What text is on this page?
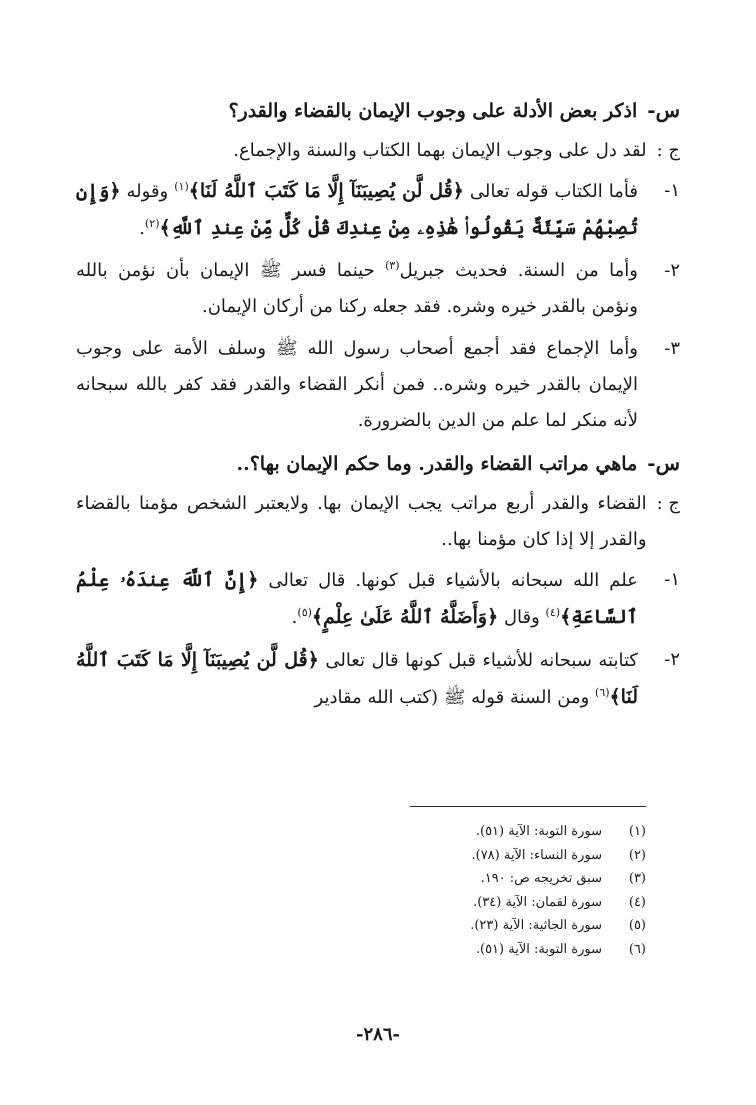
س-
اذكر بعض الأدلة على وجوب الإيمان بالقضاء والقدر؟
ج :
لقد دل على وجوب الإيمان بهما الكتاب والسنة والإجماع.
١-
فأما الكتاب قوله تعالى ﴿قُل لَّن يُصِيبَنَآ إِلَّا مَا كَتَبَ ٱللَّهُ لَنَا﴾$^{(١)}$ وقوله ﴿وَإِن تُصِبْهُمْ سَيِّئَةٌ يَقُولُوا۟ هَٰذِهِۦ مِنْ عِندِكَ قُلْ كُلٌّ مِّنْ عِندِ ٱللَّهِ﴾$^{(٢)}$.
٢-
وأما من السنة. فحديث جبريل$^{(٣)}$ حينما فسر ﷺ الإيمان بأن نؤمن بالله ونؤمن بالقدر خيره وشره. فقد جعله ركنا من أركان الإيمان.
٣-
وأما الإجماع فقد أجمع أصحاب رسول الله ﷺ وسلف الأمة على وجوب الإيمان بالقدر خيره وشره.. فمن أنكر القضاء والقدر فقد كفر بالله سبحانه لأنه منكر لما علم من الدين بالضرورة.
س-
ماهي مراتب القضاء والقدر. وما حكم الإيمان بها؟..
ج :
القضاء والقدر أربع مراتب يجب الإيمان بها. ولايعتبر الشخص مؤمنا بالقضاء والقدر إلا إذا كان مؤمنا بها..
١-
علم الله سبحانه بالأشياء قبل كونها. قال تعالى ﴿إِنَّ ٱللَّهَ عِندَهُۥ عِلْمُ ٱلسَّاعَةِ﴾$^{(٤)}$ وقال ﴿وَأَضَلَّهُ ٱللَّهُ عَلَىٰ عِلْمٍ﴾$^{(٥)}$.
٢-
كتابته سبحانه للأشياء قبل كونها قال تعالى ﴿قُل لَّن يُصِيبَنَآ إِلَّا مَا كَتَبَ ٱللَّهُ لَنَا﴾$^{(٦)}$ ومن السنة قوله ﷺ (كتب الله مقادير
(١)
سورة التوبة: الآية (٥١).
(٢)
سورة النساء: الآية (٧٨).
(٣)
سبق تخريجه ص: ١٩٠.
(٤)
سورة لقمان: الآية (٣٤).
(٥)
سورة الجاثية: الآية (٢٣).
(٦)
سورة التوبة: الآية (٥١).
-٢٨٦-
